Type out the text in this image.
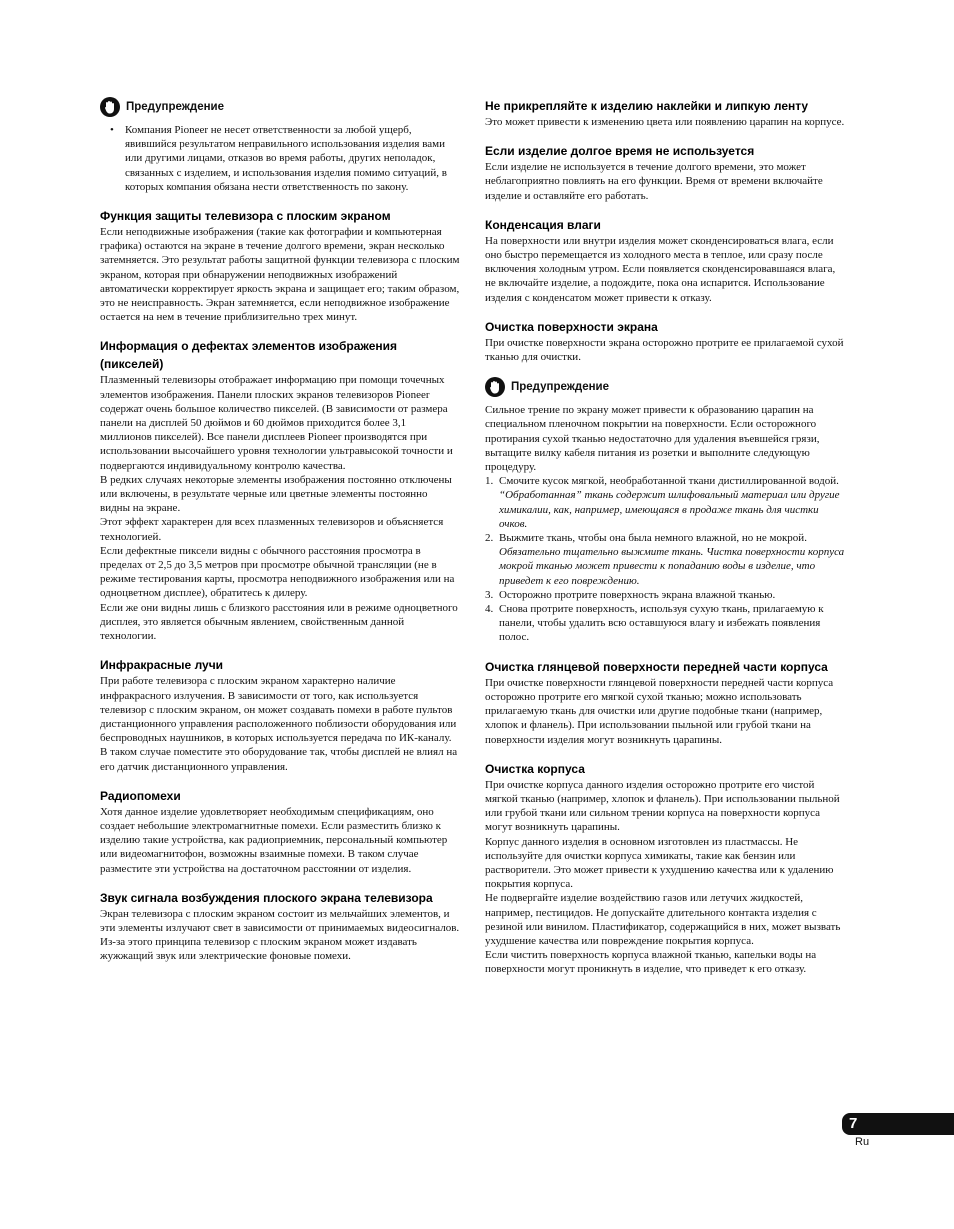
Предупреждение
• Компания Pioneer не несет ответственности за любой ущерб, явившийся результатом неправильного использования изделия вами или другими лицами, отказов во время работы, других неполадок, связанных с изделием, и использования изделия помимо ситуаций, в которых компания обязана нести ответственность по закону.
Функция защиты телевизора с плоским экраном

Если неподвижные изображения (такие как фотографии и компьютерная графика) остаются на экране в течение долгого времени, экран несколько затемняется. Это результат работы защитной функции телевизора с плоским экраном, которая при обнаружении неподвижных изображений автоматически корректирует яркость экрана и защищает его; таким образом, это не неисправность. Экран затемняется, если неподвижное изображение остается на нем в течение приблизительно трех минут.

Информация о дефектах элементов изображения (пикселей)

Плазменный телевизоры отображает информацию при помощи точечных элементов изображения. Панели плоских экранов телевизоров Pioneer содержат очень большое количество пикселей. (В зависимости от размера панели на дисплей 50 дюймов и 60 дюймов приходится более 3,1 миллионов пикселей). Все панели дисплеев Pioneer производятся при использовании высочайшего уровня технологии ультравысокой точности и подвергаются индивидуальному контролю качества.

В редких случаях некоторые элементы изображения постоянно отключены или включены, в результате черные или цветные элементы постоянно видны на экране.

Этот эффект характерен для всех плазменных телевизоров и объясняется технологией.

Если дефектные пиксели видны с обычного расстояния просмотра в пределах от 2,5 до 3,5 метров при просмотре обычной трансляции (не в режиме тестирования карты, просмотра неподвижного изображения или на одноцветном дисплее), обратитесь к дилеру.

Если же они видны лишь с близкого расстояния или в режиме одноцветного дисплея, это является обычным явлением, свойственным данной технологии.

Инфракрасные лучи

При работе телевизора с плоским экраном характерно наличие инфракрасного излучения. В зависимости от того, как используется телевизор с плоским экраном, он может создавать помехи в работе пультов дистанционного управления расположенного поблизости оборудования или беспроводных наушников, в которых используется передача по ИК-каналу. В таком случае поместите это оборудование так, чтобы дисплей не влиял на его датчик дистанционного управления.

Радиопомехи

Хотя данное изделие удовлетворяет необходимым спецификациям, оно создает небольшие электромагнитные помехи. Если разместить близко к изделию такие устройства, как радиоприемник, персональный компьютер или видеомагнитофон, возможны взаимные помехи. В таком случае разместите эти устройства на достаточном расстоянии от изделия.

Звук сигнала возбуждения плоского экрана телевизора

Экран телевизора с плоским экраном состоит из мельчайших элементов, и эти элементы излучают свет в зависимости от принимаемых видеосигналов. Из-за этого принципа телевизор с плоским экраном может издавать жужжащий звук или электрические фоновые помехи.

Не прикрепляйте к изделию наклейки и липкую ленту

Это может привести к изменению цвета или появлению царапин на корпусе.

Если изделие долгое время не используется

Если изделие не используется в течение долгого времени, это может неблагоприятно повлиять на его функции. Время от времени включайте изделие и оставляйте его работать.

Конденсация влаги

На поверхности или внутри изделия может сконденсироваться влага, если оно быстро перемещается из холодного места в теплое, или сразу после включения холодным утром. Если появляется сконденсировавшаяся влага, не включайте изделие, а подождите, пока она испарится. Использование изделия с конденсатом может привести к отказу.

Очистка поверхности экрана

При очистке поверхности экрана осторожно протрите ее прилагаемой сухой тканью для очистки.

Предупреждение

Сильное трение по экрану может привести к образованию царапин на специальном пленочном покрытии на поверхности. Если осторожного протирания сухой тканью недостаточно для удаления въевшейся грязи, вытащите вилку кабеля питания из розетки и выполните следующую процедуру.

1. Смочите кусок мягкой, необработанной ткани дистиллированной водой.
“Обработанная” ткань содержит шлифовальный материал или другие химикалии, как, например, имеющаяся в продаже ткань для чистки очков.
2. Выжмите ткань, чтобы она была немного влажной, но не мокрой.
Обязательно тщательно выжмите ткань. Чистка поверхности корпуса мокрой тканью может привести к попаданию воды в изделие, что приведет к его повреждению.
3. Осторожно протрите поверхность экрана влажной тканью.
4. Снова протрите поверхность, используя сухую ткань, прилагаемую к панели, чтобы удалить всю оставшуюся влагу и избежать появления полос.
Очистка глянцевой поверхности передней части корпуса

При очистке поверхности глянцевой поверхности передней части корпуса осторожно протрите его мягкой сухой тканью; можно использовать прилагаемую ткань для очистки или другие подобные ткани (например, хлопок и фланель). При использовании пыльной или грубой ткани на поверхности изделия могут возникнуть царапины.

Очистка корпуса

При очистке корпуса данного изделия осторожно протрите его чистой мягкой тканью (например, хлопок и фланель). При использовании пыльной или грубой ткани или сильном трении корпуса на поверхности корпуса могут возникнуть царапины.

Корпус данного изделия в основном изготовлен из пластмассы. Не используйте для очистки корпуса химикаты, такие как бензин или растворители. Это может привести к ухудшению качества или к удалению покрытия корпуса.

Не подвергайте изделие воздействию газов или летучих жидкостей, например, пестицидов. Не допускайте длительного контакта изделия с резиной или винилом. Пластификатор, содержащийся в них, может вызвать ухудшение качества или повреждение покрытия корпуса.

Если чистить поверхность корпуса влажной тканью, капельки воды на поверхности могут проникнуть в изделие, что приведет к его отказу.

7
Ru
